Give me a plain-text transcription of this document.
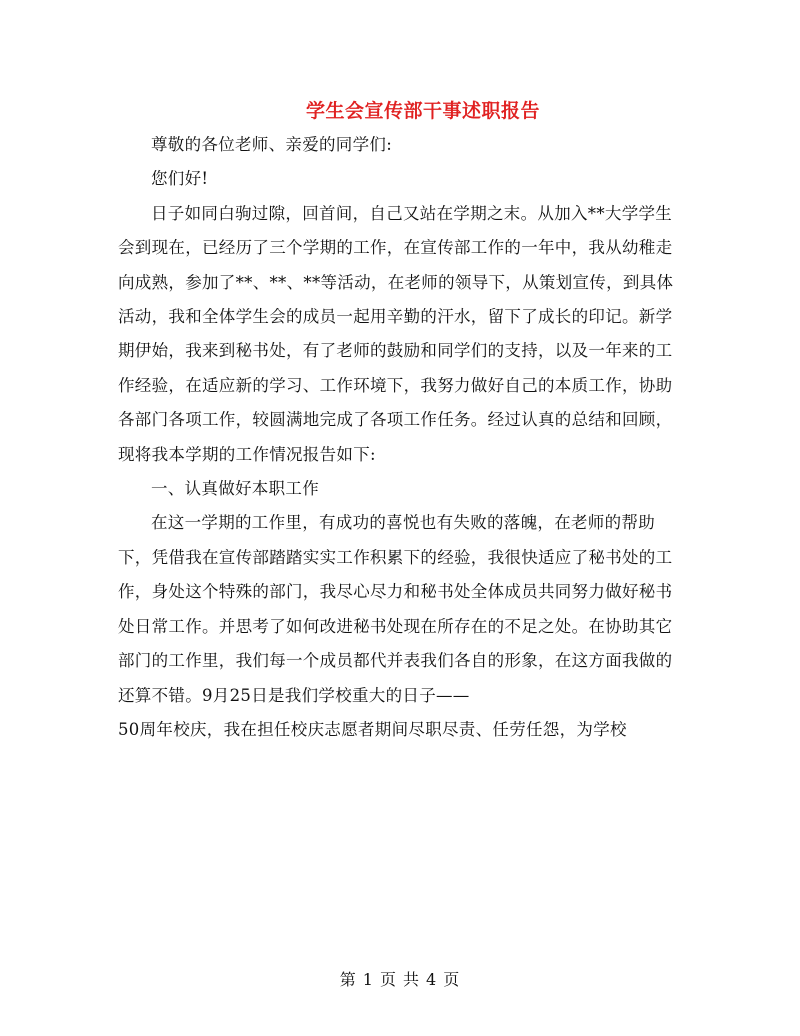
学生会宣传部干事述职报告

尊敬的各位老师、亲爱的同学们:

您们好!

日子如同白驹过隙，回首间，自己又站在学期之末。从加入**大学学生会到现在，已经历了三个学期的工作，在宣传部工作的一年中，我从幼稚走向成熟，参加了**、**、**等活动，在老师的领导下，从策划宣传，到具体活动，我和全体学生会的成员一起用辛勤的汗水，留下了成长的印记。新学期伊始，我来到秘书处，有了老师的鼓励和同学们的支持，以及一年来的工作经验，在适应新的学习、工作环境下，我努力做好自己的本质工作，协助各部门各项工作，较圆满地完成了各项工作任务。经过认真的总结和回顾，现将我本学期的工作情况报告如下:

一、认真做好本职工作

在这一学期的工作里，有成功的喜悦也有失败的落魄，在老师的帮助下，凭借我在宣传部踏踏实实工作积累下的经验，我很快适应了秘书处的工作，身处这个特殊的部门，我尽心尽力和秘书处全体成员共同努力做好秘书处日常工作。并思考了如何改进秘书处现在所存在的不足之处。在协助其它部门的工作里，我们每一个成员都代并表我们各自的形象，在这方面我做的还算不错。9月25日是我们学校重大的日子——

50周年校庆，我在担任校庆志愿者期间尽职尽责、任劳任怨，为学校

第 1 页 共 4 页
